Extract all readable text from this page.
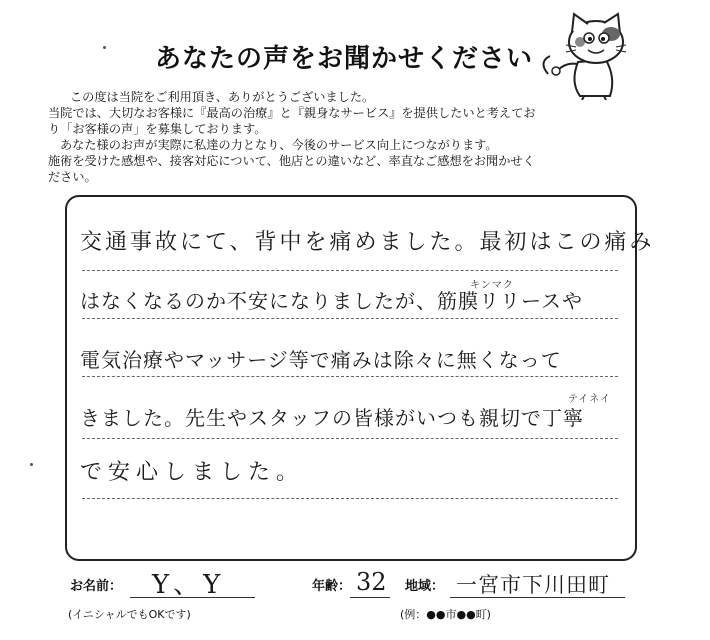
あなたの声をお聞かせください

この度は当院をご利用頂き、ありがとうございました。

当院では、大切なお客様に『最高の治療』と『親身なサービス』を提供したいと考えてお

り「お客様の声」を募集しております。

あなた様のお声が実際に私達の力となり、今後のサービス向上につながります。

施術を受けた感想や、接客対応について、他店との違いなど、率直なご感想をお聞かせく

ださい。

交通事故にて、背中を痛めました。最初はこの痛み
はなくなるのか不安になりましたが、筋膜リリースや
電気治療やマッサージ等で痛みは除々に無くなって
きました。先生やスタッフの皆様がいつも親切で丁寧
で安心しました。
キンマク
テイネイ
お名前： Y、Y
(イニシャルでもOKです)
年齢： 32 地域： 一宮市下川田町
(例：●●市●●町)
